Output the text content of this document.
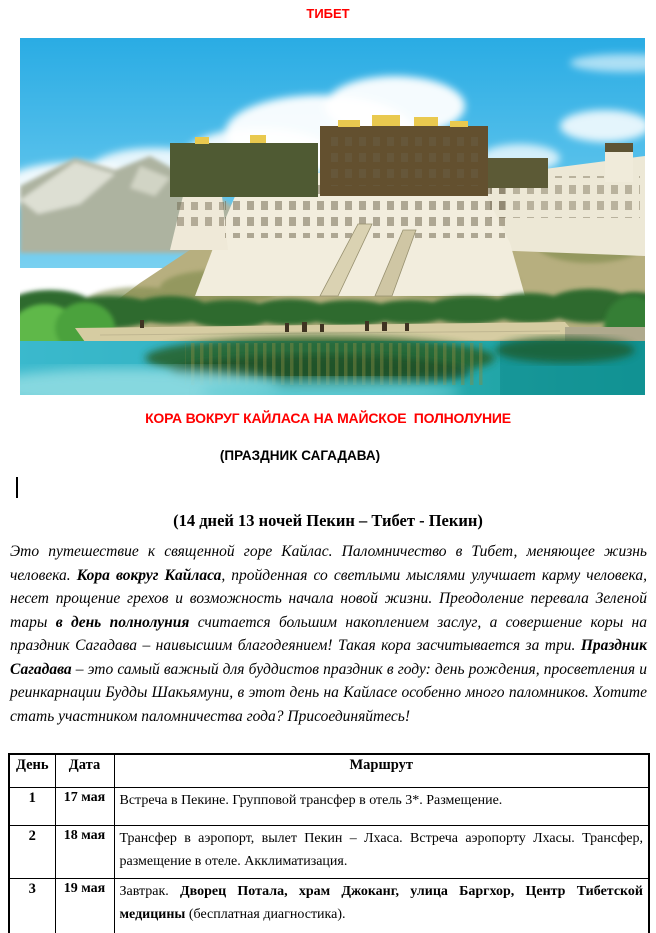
ТИБЕТ
КОРА ВОКРУГ КАЙЛАСА НА МАЙСКОЕ  ПОЛНОЛУНИЕ
(ПРАЗДНИК САГАДАВА)
(14 дней 13 ночей Пекин – Тибет - Пекин)

Это путешествие к священной горе Кайлас. Паломничество в Тибет, меняющее жизнь человека. Кора вокруг Кайласа, пройденная со светлыми мыслями улучшает карму человека, несет прощение грехов и возможность начала новой жизни. Преодоление перевала Зеленой тары в день полнолуния считается большим накоплением заслуг, а совершение коры на праздник Сагадава – наивысшим благодеянием! Такая кора засчитывается за три. Праздник Сагадава – это самый важный для буддистов праздник в году: день рождения, просветления и реинкарнации Будды Шакьямуни, в этот день на Кайласе особенно много паломников. Хотите стать участником паломничества года? Присоединяйтесь!

День	Дата	Маршрут
1	17 мая	Встреча в Пекине. Групповой трансфер в отель 3*. Размещение.
2	18 мая	Трансфер в аэропорт, вылет Пекин – Лхаса. Встреча аэропорту Лхасы. Трансфер, размещение в отеле. Акклиматизация.
3	19 мая	Завтрак. Дворец Потала, храм Джоканг, улица Баргхор, Центр Тибетской медицины (бесплатная диагностика).
